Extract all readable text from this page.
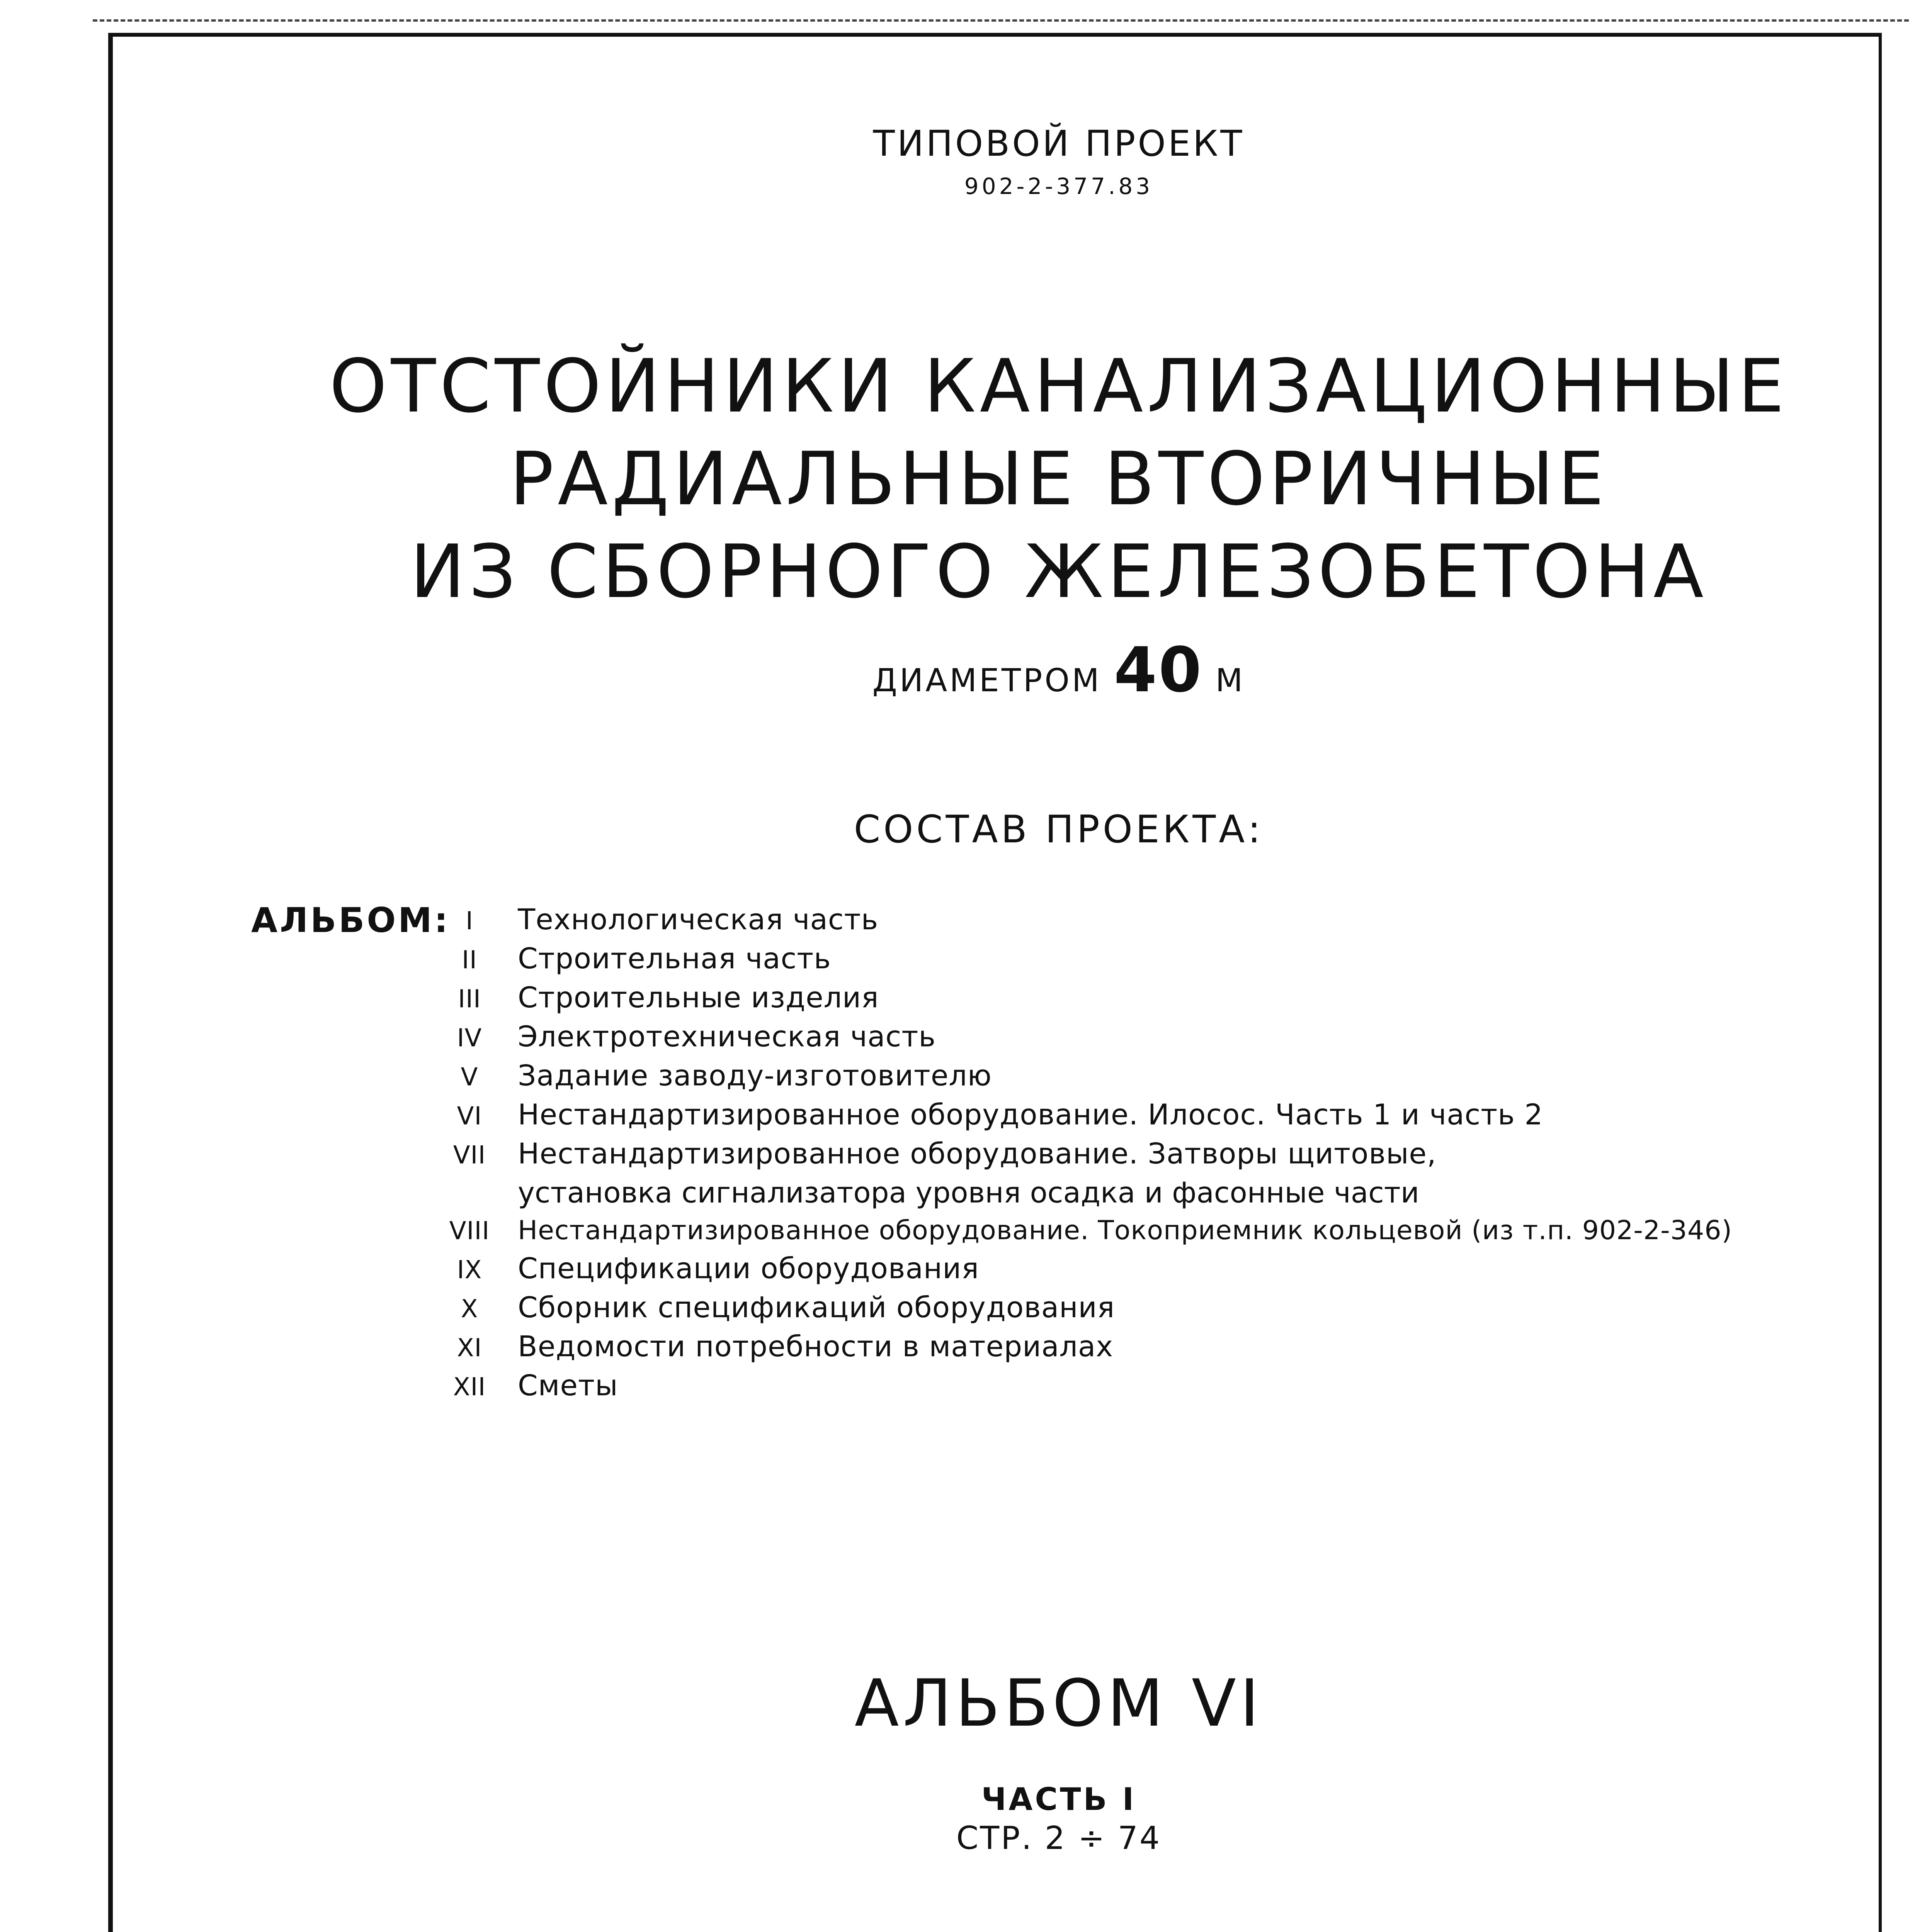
ТИПОВОЙ ПРОЕКТ
902-2-377.83
ОТСТОЙНИКИ КАНАЛИЗАЦИОННЫЕ
РАДИАЛЬНЫЕ ВТОРИЧНЫЕ
ИЗ СБОРНОГО ЖЕЛЕЗОБЕТОНА
ДИАМЕТРОМ 40 М
СОСТАВ ПРОЕКТА:
АЛЬБОМ: I	Технологическая часть
II	Строительная часть
III	Строительные изделия
IV	Электротехническая часть
V	Задание заводу-изготовителю
VI	Нестандартизированное оборудование. Илосос. Часть 1 и часть 2
VII	Нестандартизированное оборудование. Затворы щитовые,
установка сигнализатора уровня осадка и фасонные части
VIII	Нестандартизированное оборудование. Токоприемник кольцевой (из т.п. 902-2-346)
IX	Спецификации оборудования
X	Сборник спецификаций оборудования
XI	Ведомости потребности в материалах
XII	Сметы
АЛЬБОМ VI
ЧАСТЬ I
СТР. 2 ÷ 74
